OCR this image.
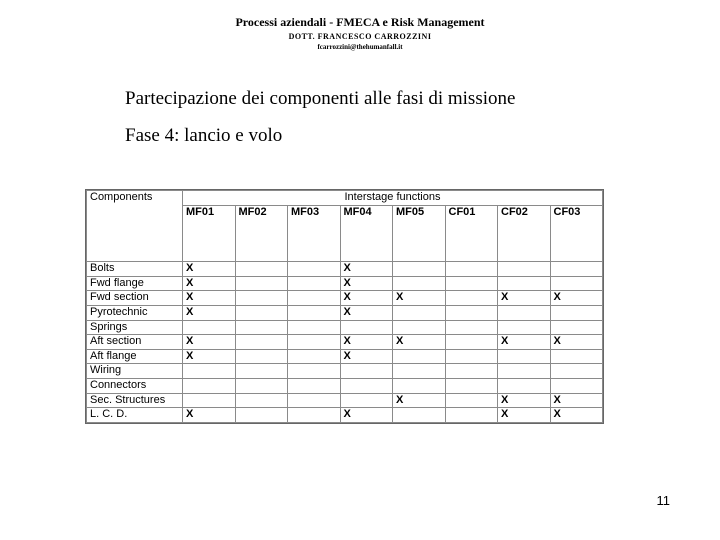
Processi aziendali - FMECA e Risk Management
DOTT. FRANCESCO CARROZZINI
fcarrozzini@thehumanfall.it
Partecipazione dei componenti alle fasi di missione
Fase 4: lancio e volo
Components	Interstage functions							
	MF01	MF02	MF03	MF04	MF05	CF01	CF02	CF03
Bolts	X			X				
Fwd flange	X			X				
Fwd section	X			X	X		X	X
Pyrotechnic	X			X				
Springs								
Aft section	X			X	X		X	X
Aft flange	X			X				
Wiring								
Connectors								
Sec. Structures					X		X	X
L. C. D.	X			X			X	X
11
